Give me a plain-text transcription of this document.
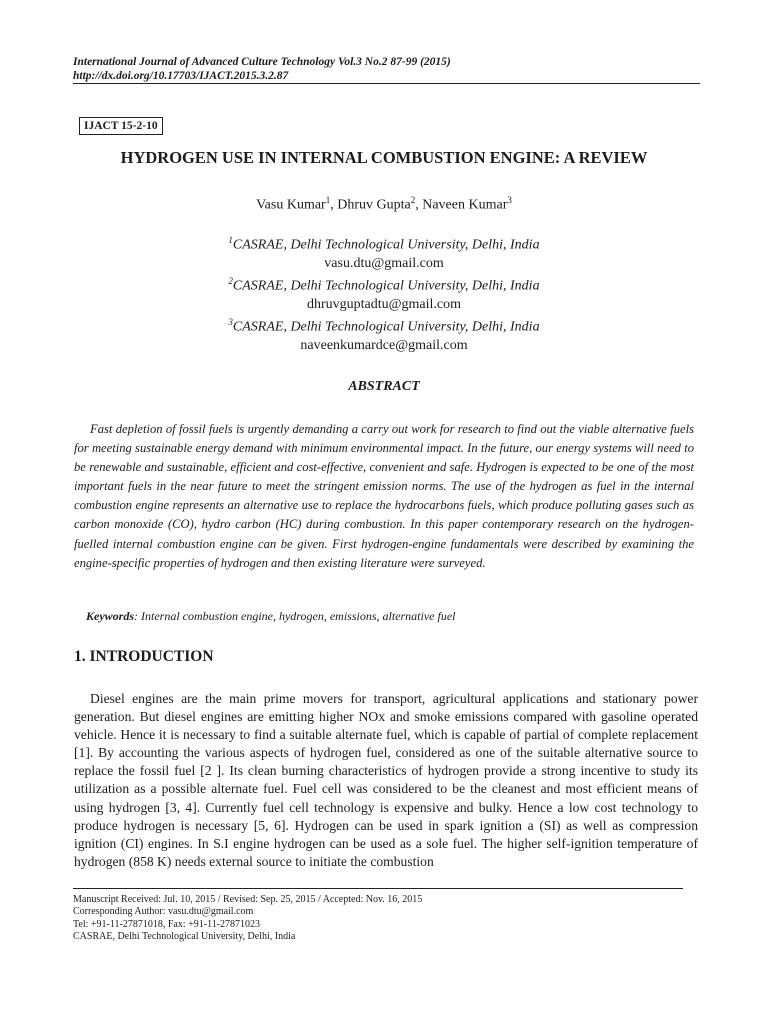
International Journal of Advanced Culture Technology Vol.3 No.2 87-99 (2015)
http://dx.doi.org/10.17703/IJACT.2015.3.2.87
IJACT 15-2-10
HYDROGEN USE IN INTERNAL COMBUSTION ENGINE: A REVIEW
Vasu Kumar$^1$, Dhruv Gupta$^2$, Naveen Kumar$^3$
$^1$CASRAE, Delhi Technological University, Delhi, India
vasu.dtu@gmail.com
$^2$CASRAE, Delhi Technological University, Delhi, India
dhruvguptadtu@gmail.com
$^3$CASRAE, Delhi Technological University, Delhi, India
naveenkumardce@gmail.com
ABSTRACT

Fast depletion of fossil fuels is urgently demanding a carry out work for research to find out the viable alternative fuels for meeting sustainable energy demand with minimum environmental impact. In the future, our energy systems will need to be renewable and sustainable, efficient and cost-effective, convenient and safe. Hydrogen is expected to be one of the most important fuels in the near future to meet the stringent emission norms. The use of the hydrogen as fuel in the internal combustion engine represents an alternative use to replace the hydrocarbons fuels, which produce polluting gases such as carbon monoxide (CO), hydro carbon (HC) during combustion. In this paper contemporary research on the hydrogen-fuelled internal combustion engine can be given. First hydrogen-engine fundamentals were described by examining the engine-specific properties of hydrogen and then existing literature were surveyed.

Keywords: Internal combustion engine, hydrogen, emissions, alternative fuel
1. INTRODUCTION

Diesel engines are the main prime movers for transport, agricultural applications and stationary power generation. But diesel engines are emitting higher NOx and smoke emissions compared with gasoline operated vehicle. Hence it is necessary to find a suitable alternate fuel, which is capable of partial of complete replacement [1]. By accounting the various aspects of hydrogen fuel, considered as one of the suitable alternative source to replace the fossil fuel [2 ]. Its clean burning characteristics of hydrogen provide a strong incentive to study its utilization as a possible alternate fuel. Fuel cell was considered to be the cleanest and most efficient means of using hydrogen [3, 4]. Currently fuel cell technology is expensive and bulky. Hence a low cost technology to produce hydrogen is necessary [5, 6]. Hydrogen can be used in spark ignition a (SI) as well as compression ignition (CI) engines. In S.I engine hydrogen can be used as a sole fuel. The higher self-ignition temperature of hydrogen (858 K) needs external source to initiate the combustion

Manuscript Received: Jul. 10, 2015 / Revised: Sep. 25, 2015 / Accepted: Nov. 16, 2015
Corresponding Author: vasu.dtu@gmail.com
Tel: +91-11-27871018, Fax: +91-11-27871023
CASRAE, Delhi Technological University, Delhi, India
